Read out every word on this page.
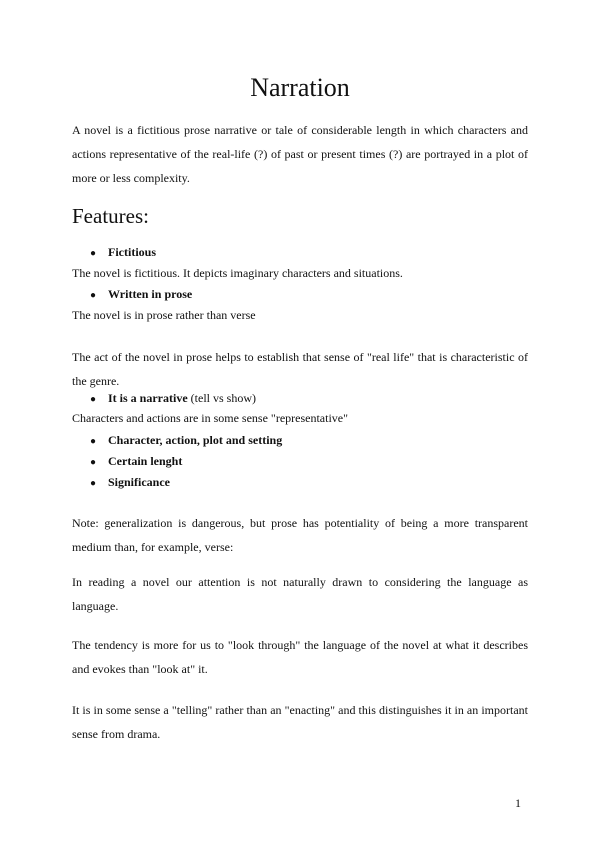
Narration

A novel is a fictitious prose narrative or tale of considerable length in which characters and actions representative of the real-life (?) of past or present times (?) are portrayed in a plot of more or less complexity.

Features:
● Fictitious
The novel is fictitious. It depicts imaginary characters and situations.
● Written in prose
The novel is in prose rather than verse

The act of the novel in prose helps to establish that sense of "real life" that is characteristic of the genre.

● It is a narrative (tell vs show)
Characters and actions are in some sense "representative"
● Character, action, plot and setting
● Certain lenght
● Significance

Note: generalization is dangerous, but prose has potentiality of being a more transparent medium than, for example, verse:

In reading a novel our attention is not naturally drawn to considering the language as language.

The tendency is more for us to "look through" the language of the novel at what it describes and evokes than "look at" it.

It is in some sense a "telling" rather than an "enacting" and this distinguishes it in an important sense from drama.

1
